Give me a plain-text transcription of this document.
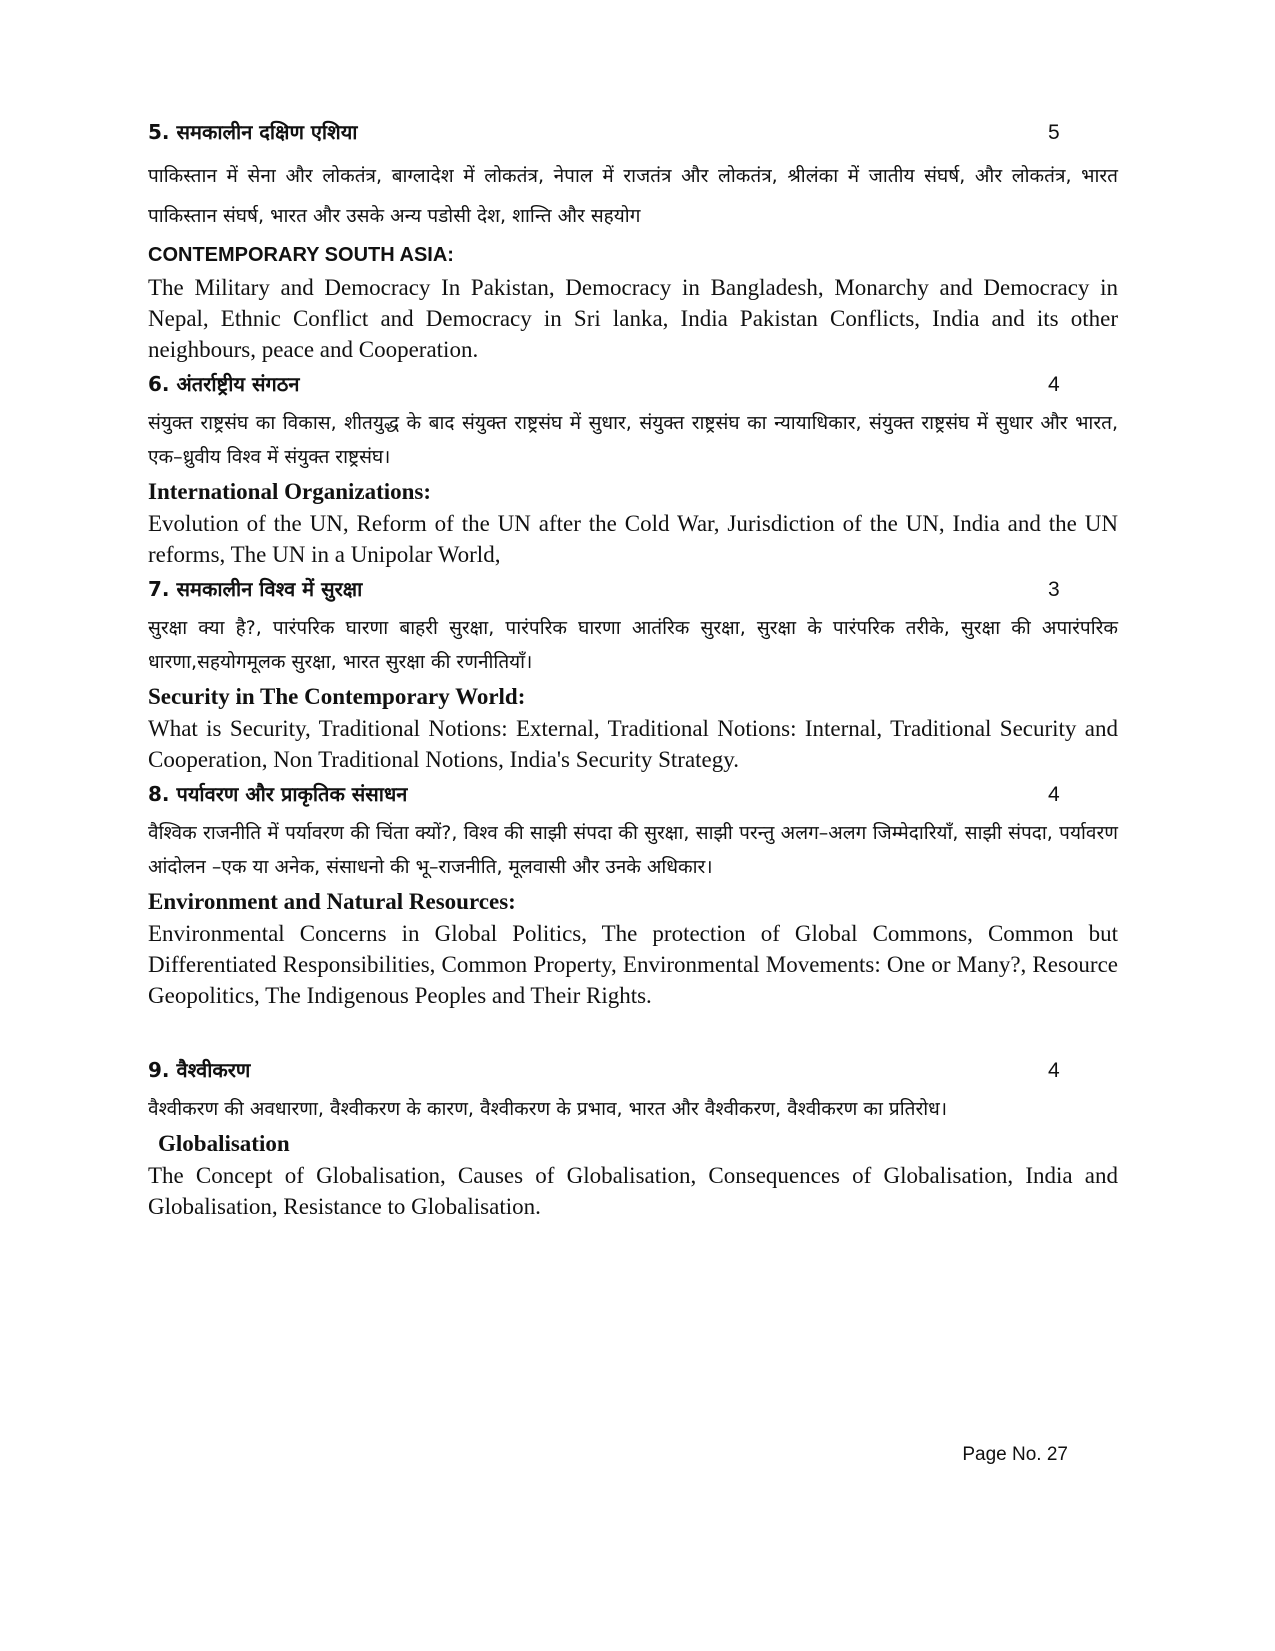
5. समकालीन दक्षिण एशिया	5

पाकिस्तान में सेना और लोकतंत्र, बाग्लादेश में लोकतंत्र, नेपाल में राजतंत्र और लोकतंत्र, श्रीलंका में जातीय संघर्ष, और लोकतंत्र, भारत पाकिस्तान संघर्ष, भारत और उसके अन्य पडोसी देश, शान्ति और सहयोग

CONTEMPORARY SOUTH ASIA:

The Military and Democracy In Pakistan, Democracy in Bangladesh, Monarchy and Democracy in Nepal, Ethnic Conflict and Democracy in Sri lanka, India Pakistan Conflicts, India and its other neighbours, peace and Cooperation.

6. अंतर्राष्ट्रीय संगठन	4

संयुक्त राष्ट्रसंघ का विकास, शीतयुद्ध के बाद संयुक्त राष्ट्रसंघ में सुधार, संयुक्त राष्ट्रसंघ का न्यायाधिकार, संयुक्त राष्ट्रसंघ में सुधार और भारत, एक–ध्रुवीय विश्व में संयुक्त राष्ट्रसंघ।

International Organizations:

Evolution of the UN, Reform of the UN after the Cold War, Jurisdiction of the UN, India and the UN reforms, The UN in a Unipolar World,

7. समकालीन विश्व में सुरक्षा	3

सुरक्षा क्या है?, पारंपरिक घारणा बाहरी सुरक्षा, पारंपरिक घारणा आतंरिक सुरक्षा, सुरक्षा के पारंपरिक तरीके, सुरक्षा की अपारंपरिक धारणा,सहयोगमूलक सुरक्षा, भारत सुरक्षा की रणनीतियाँ।

Security in The Contemporary World:

What is Security, Traditional Notions: External, Traditional Notions: Internal, Traditional Security and Cooperation, Non Traditional Notions, India's Security Strategy.

8. पर्यावरण और प्राकृतिक संसाधन	4

वैश्विक राजनीति में पर्यावरण की चिंता क्यों?, विश्व की साझी संपदा की सुरक्षा, साझी परन्तु अलग–अलग जिम्मेदारियाँ, साझी संपदा, पर्यावरण आंदोलन –एक या अनेक, संसाधनो की भू–राजनीति, मूलवासी और उनके अधिकार।

Environment and Natural Resources:

Environmental Concerns in Global Politics, The protection of Global Commons, Common but Differentiated Responsibilities, Common Property, Environmental Movements: One or Many?, Resource Geopolitics, The Indigenous Peoples and Their Rights.

9. वैश्वीकरण	4

वैश्वीकरण की अवधारणा, वैश्वीकरण के कारण, वैश्वीकरण के प्रभाव, भारत और वैश्वीकरण, वैश्वीकरण का प्रतिरोध।

Globalisation

The Concept of Globalisation, Causes of Globalisation, Consequences of Globalisation, India and Globalisation, Resistance to Globalisation.

Page No. 27
